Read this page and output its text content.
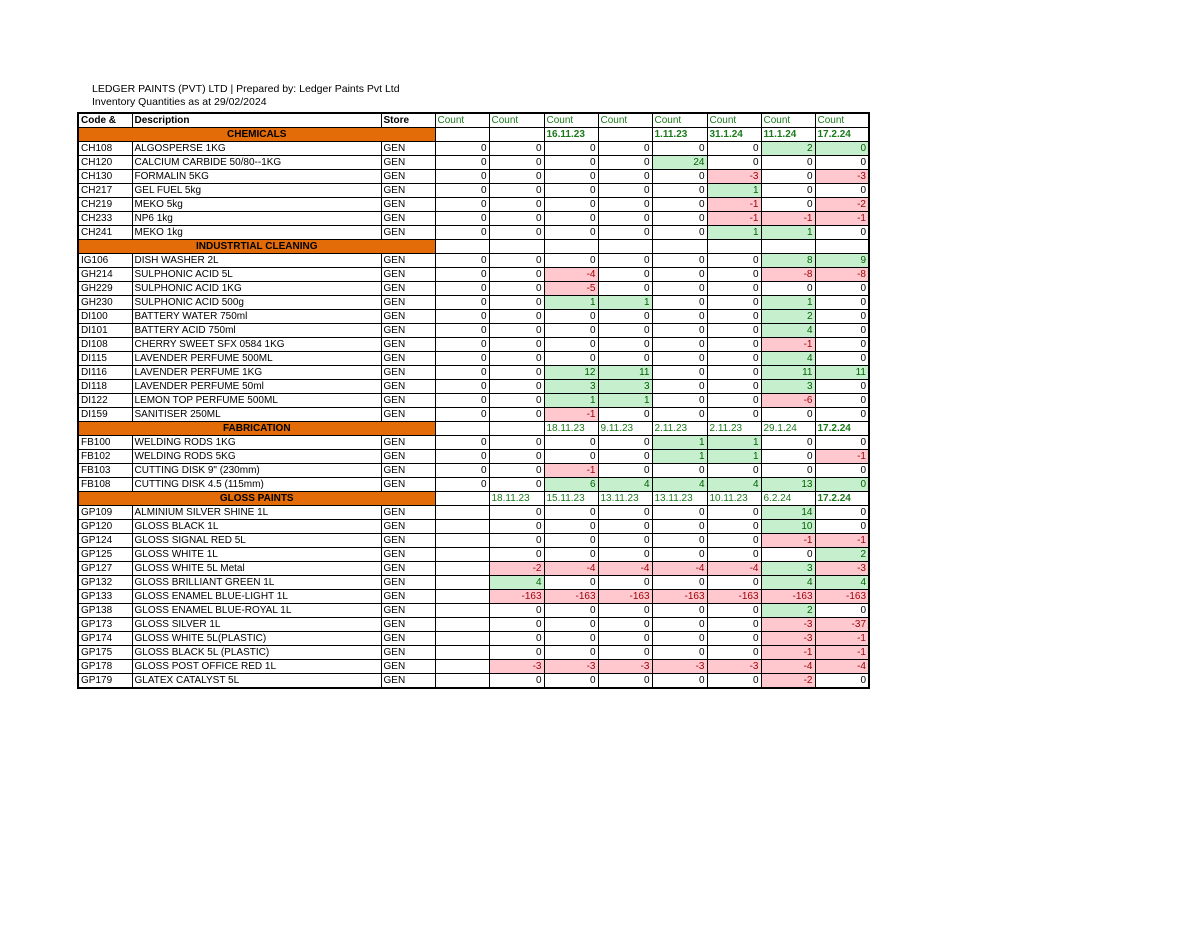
LEDGER PAINTS (PVT) LTD | Prepared by: Ledger Paints Pvt Ltd
Inventory Quantities as at 29/02/2024
Code &	Description	Store	Count	Count	Count	Count	Count	Count	Count	Count
CHEMICALS					16.11.23		1.11.23	31.1.24	11.1.24	17.2.24
CH108	ALGOSPERSE 1KG	GEN	0	0	0	0	0	0	2	0
CH120	CALCIUM CARBIDE 50/80--1KG	GEN	0	0	0	0	24	0	0	0
CH130	FORMALIN 5KG	GEN	0	0	0	0	0	-3	0	-3
CH217	GEL FUEL 5kg	GEN	0	0	0	0	0	1	0	0
CH219	MEKO 5kg	GEN	0	0	0	0	0	-1	0	-2
CH233	NP6 1kg	GEN	0	0	0	0	0	-1	-1	-1
CH241	MEKO 1kg	GEN	0	0	0	0	0	1	1	0
INDUSTRTIAL CLEANING										
IG106	DISH WASHER 2L	GEN	0	0	0	0	0	0	8	9
GH214	SULPHONIC ACID 5L	GEN	0	0	-4	0	0	0	-8	-8
GH229	SULPHONIC ACID 1KG	GEN	0	0	-5	0	0	0	0	0
GH230	SULPHONIC ACID 500g	GEN	0	0	1	1	0	0	1	0
DI100	BATTERY WATER 750ml	GEN	0	0	0	0	0	0	2	0
DI101	BATTERY ACID 750ml	GEN	0	0	0	0	0	0	4	0
DI108	CHERRY SWEET SFX 0584 1KG	GEN	0	0	0	0	0	0	-1	0
DI115	LAVENDER PERFUME 500ML	GEN	0	0	0	0	0	0	4	0
DI116	LAVENDER PERFUME 1KG	GEN	0	0	12	11	0	0	11	11
DI118	LAVENDER PERFUME 50ml	GEN	0	0	3	3	0	0	3	0
DI122	LEMON TOP PERFUME 500ML	GEN	0	0	1	1	0	0	-6	0
DI159	SANITISER 250ML	GEN	0	0	-1	0	0	0	0	0
FABRICATION					18.11.23	9.11.23	2.11.23	2.11.23	29.1.24	17.2.24
FB100	WELDING RODS 1KG	GEN	0	0	0	0	1	1	0	0
FB102	WELDING RODS 5KG	GEN	0	0	0	0	1	1	0	-1
FB103	CUTTING DISK 9" (230mm)	GEN	0	0	-1	0	0	0	0	0
FB108	CUTTING DISK 4.5 (115mm)	GEN	0	0	6	4	4	4	13	0
GLOSS PAINTS				18.11.23	15.11.23	13.11.23	13.11.23	10.11.23	6.2.24	17.2.24
GP109	ALMINIUM SILVER SHINE 1L	GEN		0	0	0	0	0	14	0
GP120	GLOSS BLACK 1L	GEN		0	0	0	0	0	10	0
GP124	GLOSS SIGNAL RED 5L	GEN		0	0	0	0	0	-1	-1
GP125	GLOSS WHITE 1L	GEN		0	0	0	0	0	0	2
GP127	GLOSS WHITE 5L Metal	GEN		-2	-4	-4	-4	-4	3	-3
GP132	GLOSS BRILLIANT GREEN 1L	GEN		4	0	0	0	0	4	4
GP133	GLOSS ENAMEL BLUE-LIGHT 1L	GEN		-163	-163	-163	-163	-163	-163	-163
GP138	GLOSS ENAMEL BLUE-ROYAL 1L	GEN		0	0	0	0	0	2	0
GP173	GLOSS SILVER 1L	GEN		0	0	0	0	0	-3	-37
GP174	GLOSS WHITE 5L(PLASTIC)	GEN		0	0	0	0	0	-3	-1
GP175	GLOSS BLACK 5L (PLASTIC)	GEN		0	0	0	0	0	-1	-1
GP178	GLOSS POST OFFICE RED 1L	GEN		-3	-3	-3	-3	-3	-4	-4
GP179	GLATEX CATALYST 5L	GEN		0	0	0	0	0	-2	0
